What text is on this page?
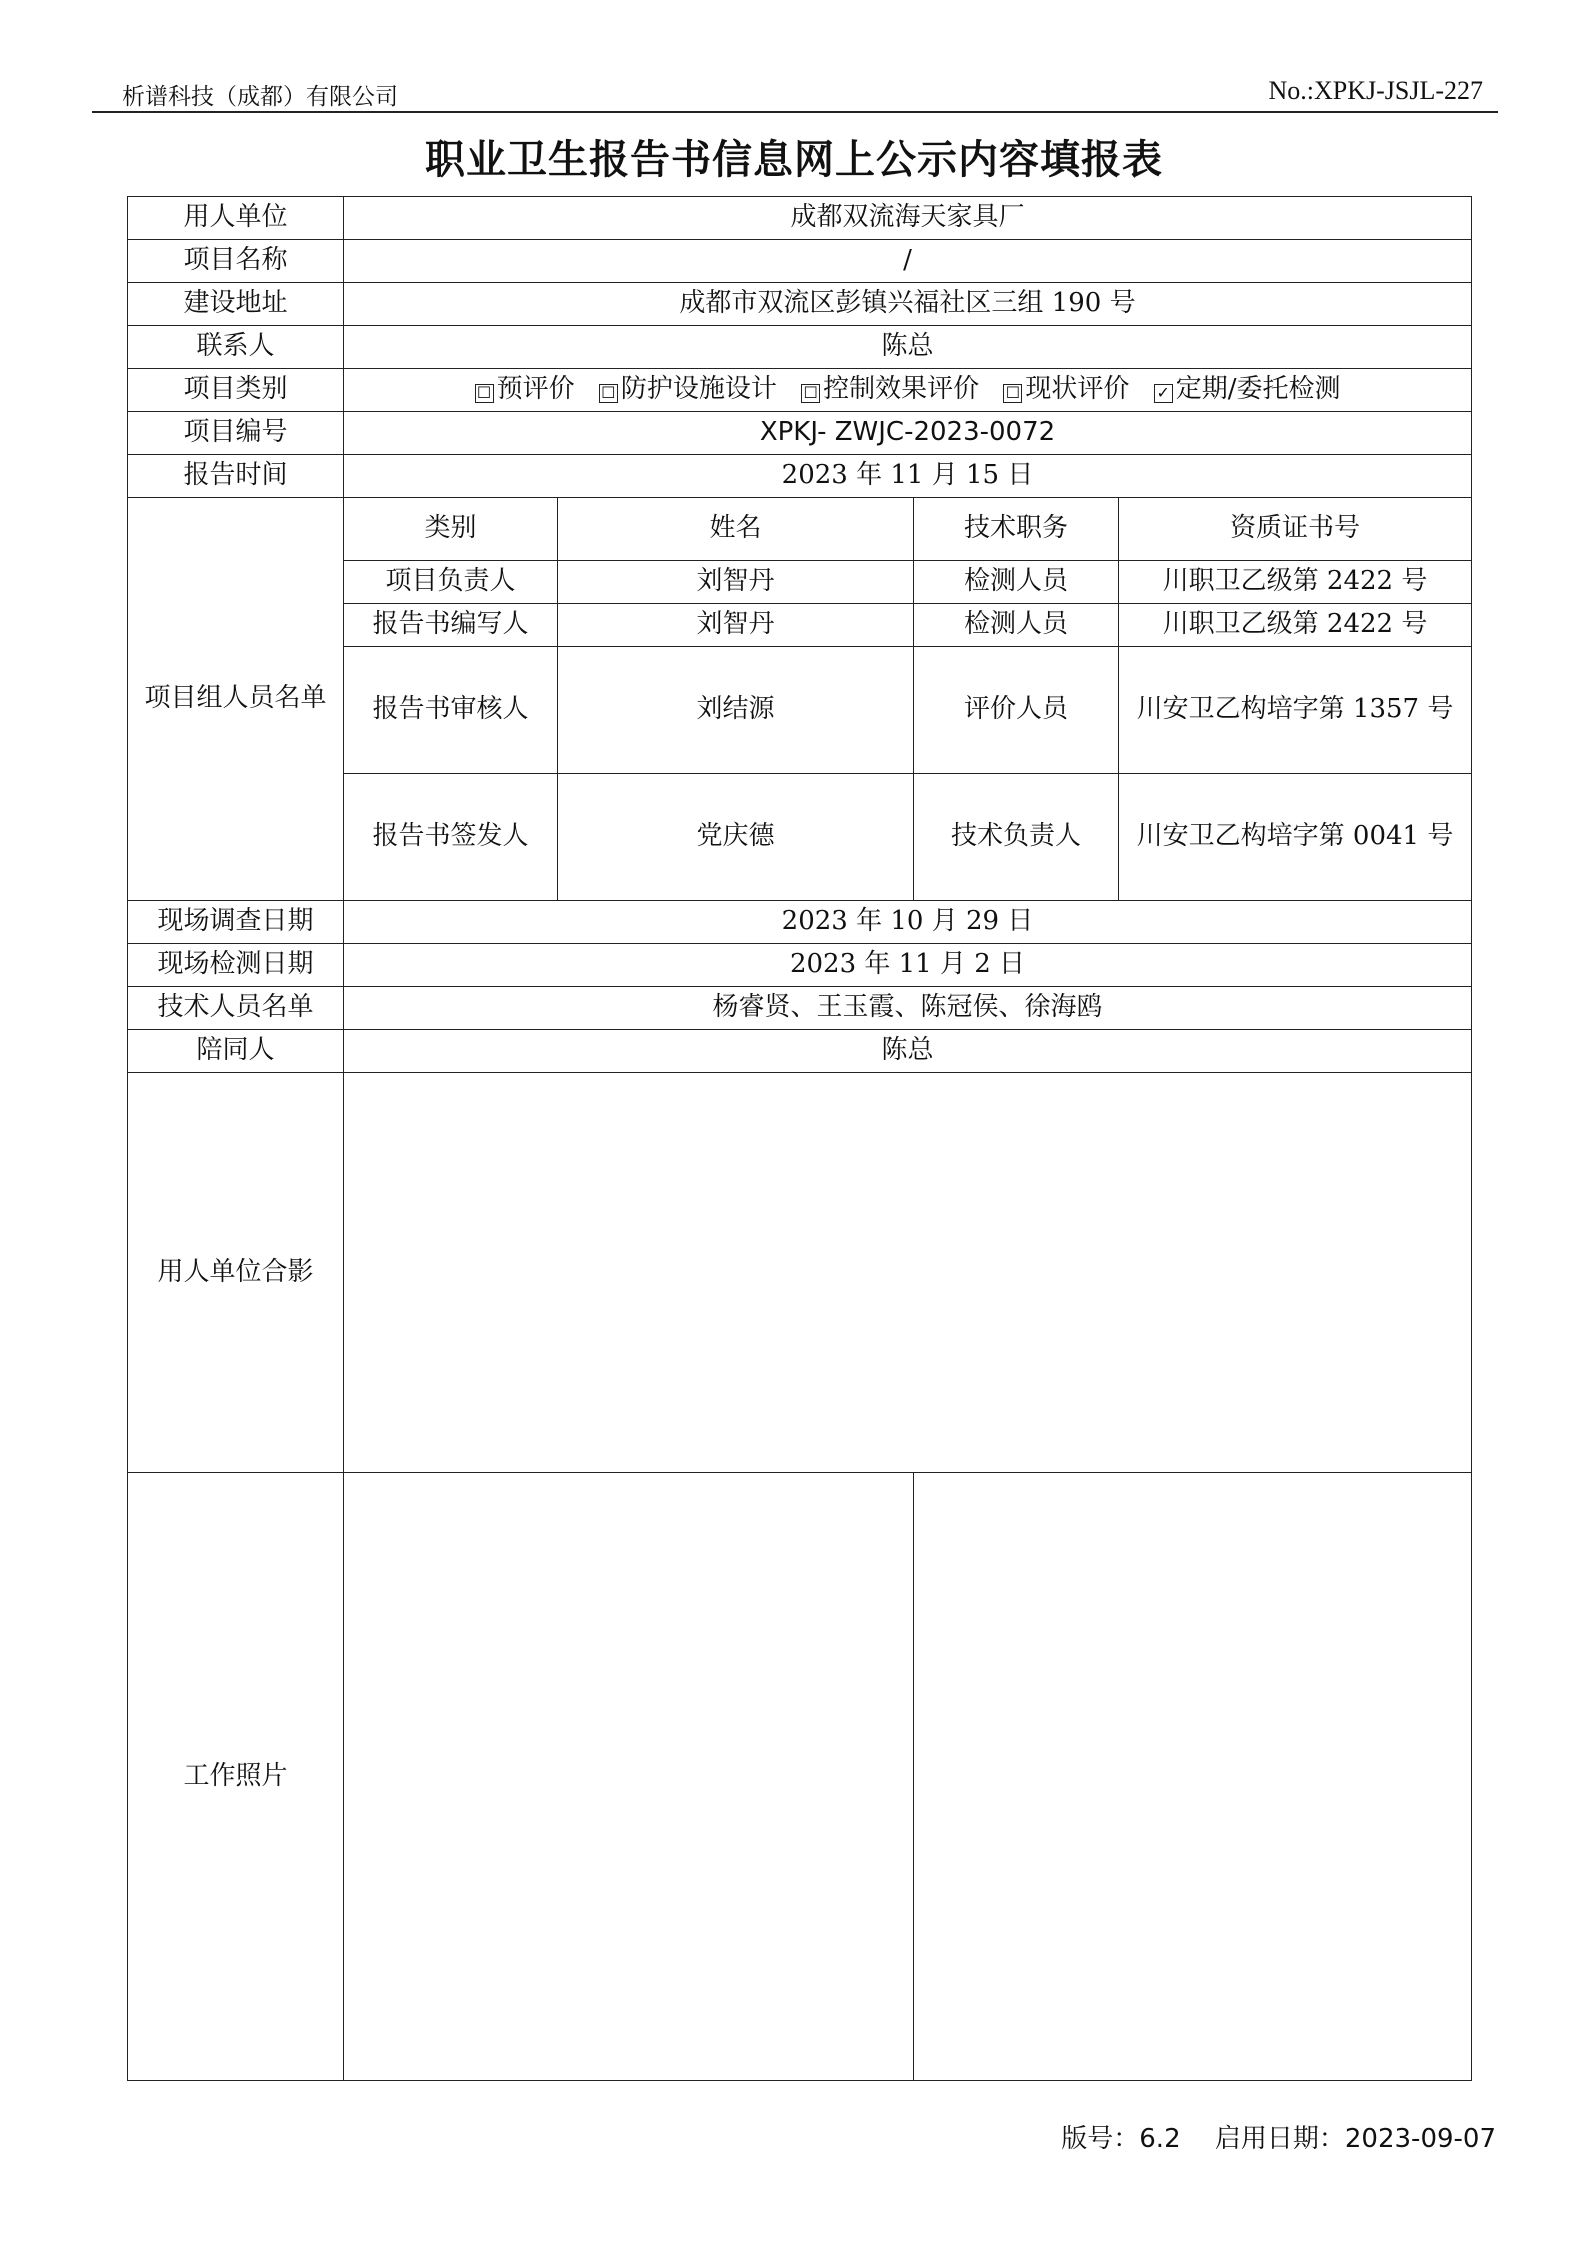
析谱科技（成都）有限公司	No.:XPKJ-JSJL-227
职业卫生报告书信息网上公示内容填报表
用人单位	成都双流海天家具厂			
项目名称	/			
建设地址	成都市双流区彭镇兴福社区三组 190 号			
联系人	陈总			
项目类别	☐ 预评价 ☐ 防护设施设计 ☐ 控制效果评价 ☐ 现状评价 ✓ 定期/委托检测			
项目编号	XPKJ- ZWJC-2023-0072			
报告时间	2023 年 11 月 15 日			
项目组人员名单	类别	姓名	技术职务	资质证书号
	项目负责人	刘智丹	检测人员	川职卫乙级第 2422 号
	报告书编写人	刘智丹	检测人员	川职卫乙级第 2422 号
	报告书审核人	刘结源	评价人员	川安卫乙构培字第 1357 号
	报告书签发人	党庆德	技术负责人	川安卫乙构培字第 0041 号
现场调查日期	2023 年 10 月 29 日			
现场检测日期	2023 年 11 月 2 日			
技术人员名单	杨睿贤、王玉霞、陈冠侯、徐海鸥			
陪同人	陈总			
用人单位合影				
工作照片				
版号：6.2 启用日期：2023-09-07
